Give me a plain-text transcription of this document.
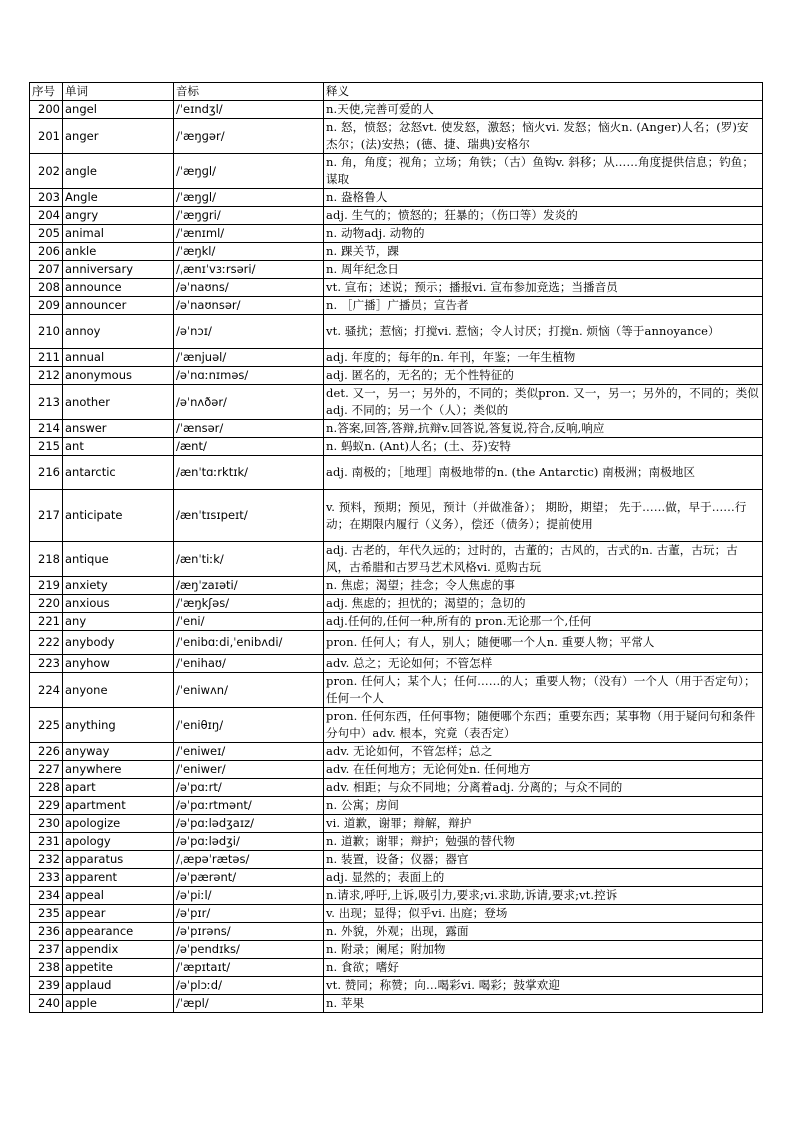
序号	单词	音标	释义
200	angel	/ˈeɪndʒl/	n.天使,完善可爱的人
201	anger	/ˈæŋɡər/	n. 怒，愤怒；忿怒vt. 使发怒，激怒；恼火vi. 发怒；恼火n. (Anger)人名；(罗)安杰尔；(法)安热；(德、捷、瑞典)安格尔
202	angle	/ˈæŋɡl/	n. 角，角度；视角；立场；角铁；（古）鱼钩v. 斜移；从……角度提供信息；钓鱼；谋取
203	Angle	/ˈæŋɡl/	n. 盎格鲁人
204	angry	/ˈæŋɡri/	adj. 生气的；愤怒的；狂暴的；（伤口等）发炎的
205	animal	/ˈænɪml/	n. 动物adj. 动物的
206	ankle	/ˈæŋkl/	n. 踝关节，踝
207	anniversary	/ˌænɪˈvɜːrsəri/	n. 周年纪念日
208	announce	/əˈnaʊns/	vt. 宣布；述说；预示；播报vi. 宣布参加竞选；当播音员
209	announcer	/əˈnaʊnsər/	n. ［广播］广播员；宣告者
210	annoy	/əˈnɔɪ/	vt. 骚扰；惹恼；打搅vi. 惹恼；令人讨厌；打搅n. 烦恼（等于annoyance）
211	annual	/ˈænjuəl/	adj. 年度的；每年的n. 年刊，年鉴；一年生植物
212	anonymous	/əˈnɑːnɪməs/	adj. 匿名的，无名的；无个性特征的
213	another	/əˈnʌðər/	det. 又一，另一；另外的，不同的；类似pron. 又一，另一；另外的，不同的；类似adj. 不同的；另一个（人）；类似的
214	answer	/ˈænsər/	n.答案,回答,答辩,抗辩v.回答说,答复说,符合,反响,响应
215	ant	/ænt/	n. 蚂蚁n. (Ant)人名；(土、芬)安特
216	antarctic	/ænˈtɑːrktɪk/	adj. 南极的；［地理］南极地带的n. (the Antarctic) 南极洲；南极地区
217	anticipate	/ænˈtɪsɪpeɪt/	v. 预料，预期；预见，预计（并做准备）； 期盼，期望； 先于……做，早于……行动；在期限内履行（义务），偿还（债务）；提前使用
218	antique	/ænˈtiːk/	adj. 古老的，年代久远的；过时的，古董的；古风的，古式的n. 古董，古玩；古风，古希腊和古罗马艺术风格vi. 觅购古玩
219	anxiety	/æŋˈzaɪəti/	n. 焦虑；渴望；挂念；令人焦虑的事
220	anxious	/ˈæŋkʃəs/	adj. 焦虑的；担忧的；渴望的；急切的
221	any	/ˈeni/	adj.任何的,任何一种,所有的 pron.无论那一个,任何
222	anybody	/ˈenibɑːdi,ˈenibʌdi/	pron. 任何人；有人，别人；随便哪一个人n. 重要人物；平常人
223	anyhow	/ˈenihaʊ/	adv. 总之；无论如何；不管怎样
224	anyone	/ˈeniwʌn/	pron. 任何人；某个人；任何……的人；重要人物；（没有）一个人（用于否定句）；任何一个人
225	anything	/ˈeniθɪŋ/	pron. 任何东西，任何事物；随便哪个东西；重要东西；某事物（用于疑问句和条件分句中）adv. 根本，究竟（表否定）
226	anyway	/ˈeniweɪ/	adv. 无论如何，不管怎样；总之
227	anywhere	/ˈeniwer/	adv. 在任何地方；无论何处n. 任何地方
228	apart	/əˈpɑːrt/	adv. 相距；与众不同地；分离着adj. 分离的；与众不同的
229	apartment	/əˈpɑːrtmənt/	n. 公寓；房间
230	apologize	/əˈpɑːlədʒaɪz/	vi. 道歉，谢罪；辩解，辩护
231	apology	/əˈpɑːlədʒi/	n. 道歉；谢罪；辩护；勉强的替代物
232	apparatus	/ˌæpəˈrætəs/	n. 装置，设备；仪器；器官
233	apparent	/əˈpærənt/	adj. 显然的；表面上的
234	appeal	/əˈpiːl/	n.请求,呼吁,上诉,吸引力,要求;vi.求助,诉请,要求;vt.控诉
235	appear	/əˈpɪr/	v. 出现；显得；似乎vi. 出庭；登场
236	appearance	/əˈpɪrəns/	n. 外貌，外观；出现，露面
237	appendix	/əˈpendɪks/	n. 附录；阑尾；附加物
238	appetite	/ˈæpɪtaɪt/	n. 食欲；嗜好
239	applaud	/əˈplɔːd/	vt. 赞同；称赞；向…喝彩vi. 喝彩；鼓掌欢迎
240	apple	/ˈæpl/	n. 苹果
